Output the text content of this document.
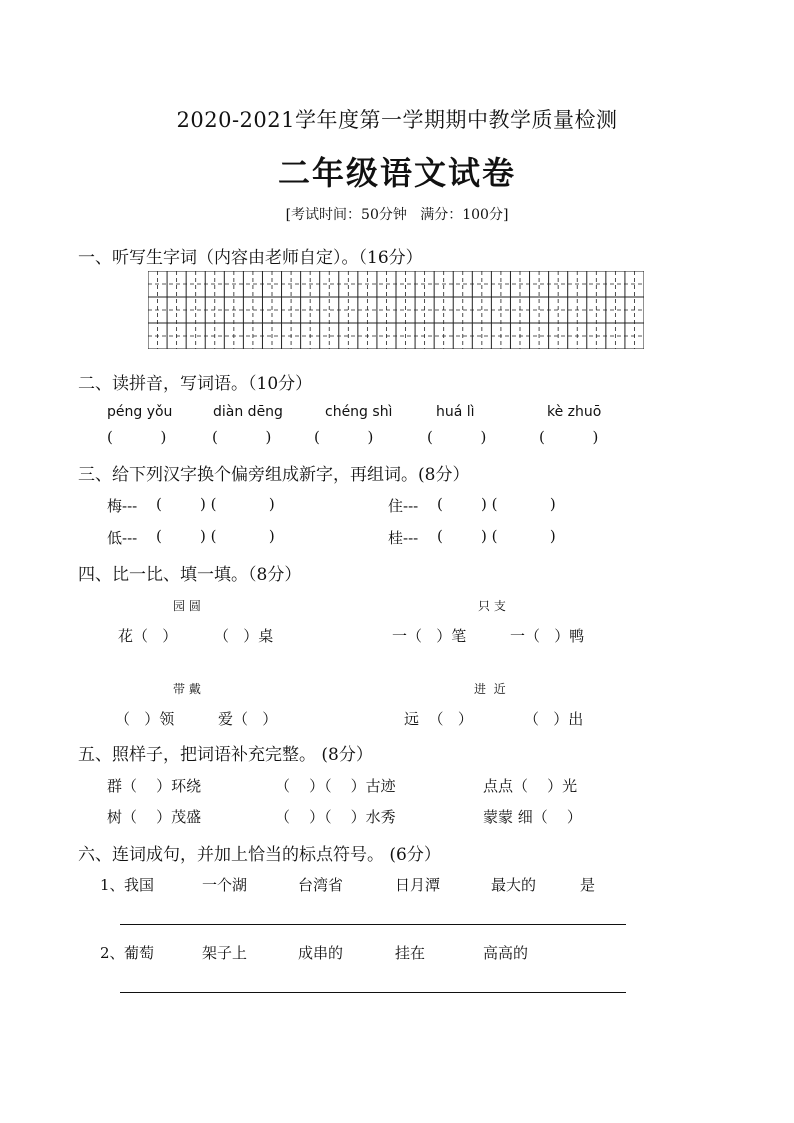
2020-2021学年度第一学期期中教学质量检测
二年级语文试卷
[考试时间：50分钟   满分：100分]
一、听写生字词（内容由老师自定）。（16分）
二、读拼音，写词语。（10分）
péng yǒu	diàn dēng	chéng shì	huá lì	kè zhuō
(          )	(          )	(          )	(          )	(          )
三、给下列汉字换个偏旁组成新字，再组词。(8分）
梅--- (        ) (           )	住--- (        ) (           )
低--- (        ) (           )	桂--- (        ) (           )
四、比一比、填一填。（8分）
园 圆	只 支
花（   ） （   ）桌	一（   ）笔	一（   ）鸭
带 戴	进  近
（   ）领	爱（   ）	远  （   ）	（   ）出
五、照样子，把词语补充完整。 (8分）
群（    ）环绕	（    ）（    ）古迹	点点（    ）光
树（    ）茂盛	（    ）（    ）水秀	蒙蒙 细（    ）
六、连词成句，并加上恰当的标点符号。 (6分）
1、 我国	一个湖	台湾省	日月潭	最大的	是
2、 葡萄	架子上	成串的	挂在	高高的
